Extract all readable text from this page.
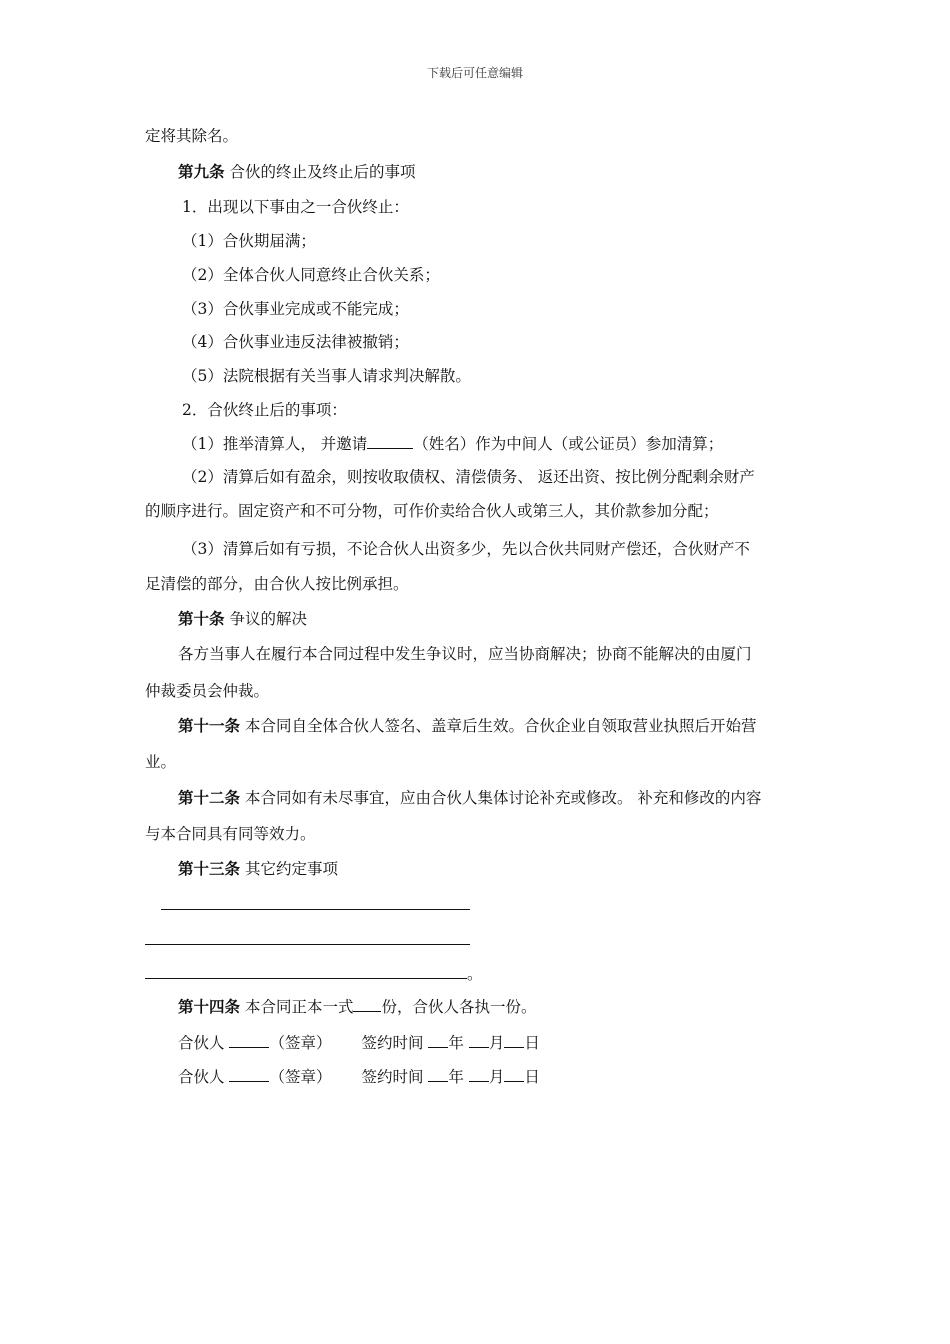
下载后可任意编辑
定将其除名。
第九条 合伙的终止及终止后的事项
1．出现以下事由之一合伙终止：
（1）合伙期届满；
（2）全体合伙人同意终止合伙关系；
（3）合伙事业完成或不能完成；
（4）合伙事业违反法律被撤销；
（5）法院根据有关当事人请求判决解散。
2．合伙终止后的事项：
（1）推举清算人， 并邀请	（姓名）作为中间人（或公证员）参加清算；
（2）清算后如有盈余，则按收取债权、清偿债务、 返还出资、按比例分配剩余财产
的顺序进行。固定资产和不可分物，可作价卖给合伙人或第三人，其价款参加分配；
（3）清算后如有亏损，不论合伙人出资多少，先以合伙共同财产偿还，合伙财产不
足清偿的部分，由合伙人按比例承担。
第十条 争议的解决
各方当事人在履行本合同过程中发生争议时，应当协商解决；协商不能解决的由厦门
仲裁委员会仲裁。
第十一条 本合同自全体合伙人签名、盖章后生效。合伙企业自领取营业执照后开始营
业。
第十二条 本合同如有未尽事宜，应由合伙人集体讨论补充或修改。 补充和修改的内容
与本合同具有同等效力。
第十三条 其它约定事项
。
第十四条 本合同正本一式 份，合伙人各执一份。
合伙人	（签章） 签约时间 年 月 日
合伙人	（签章） 签约时间 年 月 日
